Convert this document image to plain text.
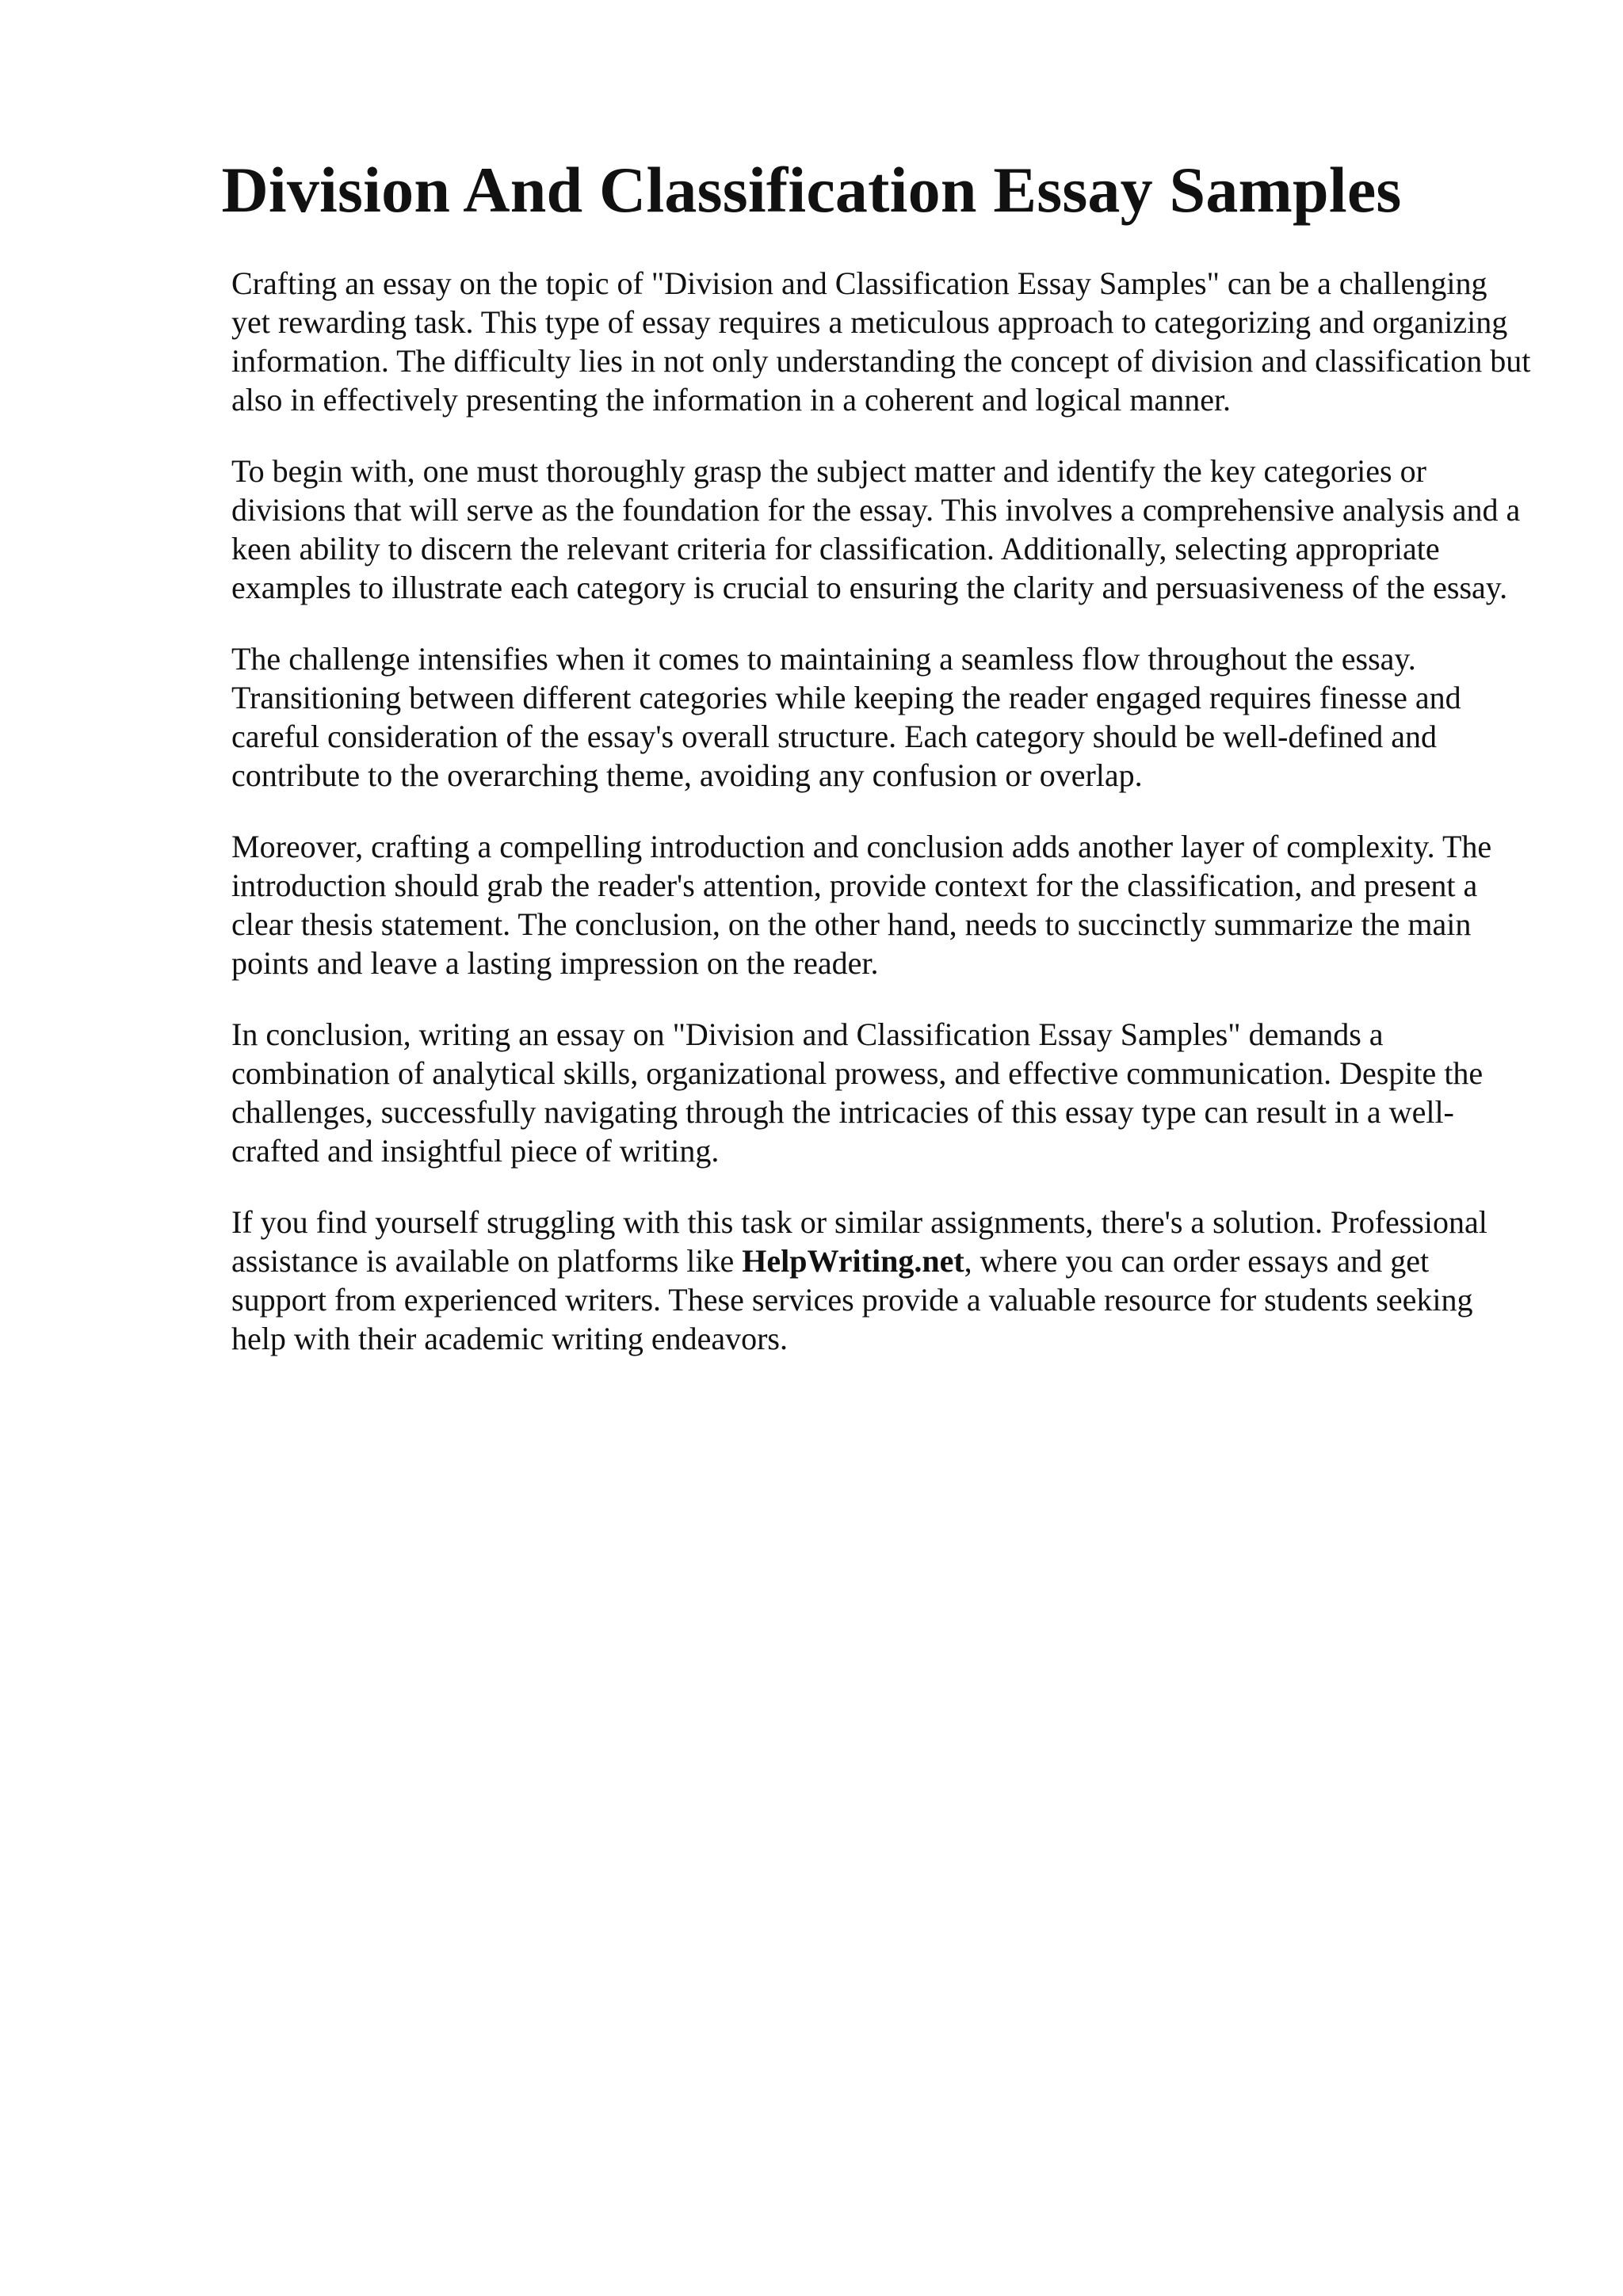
Division And Classification Essay Samples

Crafting an essay on the topic of "Division and Classification Essay Samples" can be a challenging yet rewarding task. This type of essay requires a meticulous approach to categorizing and organizing information. The difficulty lies in not only understanding the concept of division and classification but also in effectively presenting the information in a coherent and logical manner.

To begin with, one must thoroughly grasp the subject matter and identify the key categories or divisions that will serve as the foundation for the essay. This involves a comprehensive analysis and a keen ability to discern the relevant criteria for classification. Additionally, selecting appropriate examples to illustrate each category is crucial to ensuring the clarity and persuasiveness of the essay.

The challenge intensifies when it comes to maintaining a seamless flow throughout the essay. Transitioning between different categories while keeping the reader engaged requires finesse and careful consideration of the essay's overall structure. Each category should be well-defined and contribute to the overarching theme, avoiding any confusion or overlap.

Moreover, crafting a compelling introduction and conclusion adds another layer of complexity. The introduction should grab the reader's attention, provide context for the classification, and present a clear thesis statement. The conclusion, on the other hand, needs to succinctly summarize the main points and leave a lasting impression on the reader.

In conclusion, writing an essay on "Division and Classification Essay Samples" demands a combination of analytical skills, organizational prowess, and effective communication. Despite the challenges, successfully navigating through the intricacies of this essay type can result in a well-crafted and insightful piece of writing.

If you find yourself struggling with this task or similar assignments, there's a solution. Professional assistance is available on platforms like HelpWriting.net, where you can order essays and get support from experienced writers. These services provide a valuable resource for students seeking help with their academic writing endeavors.
